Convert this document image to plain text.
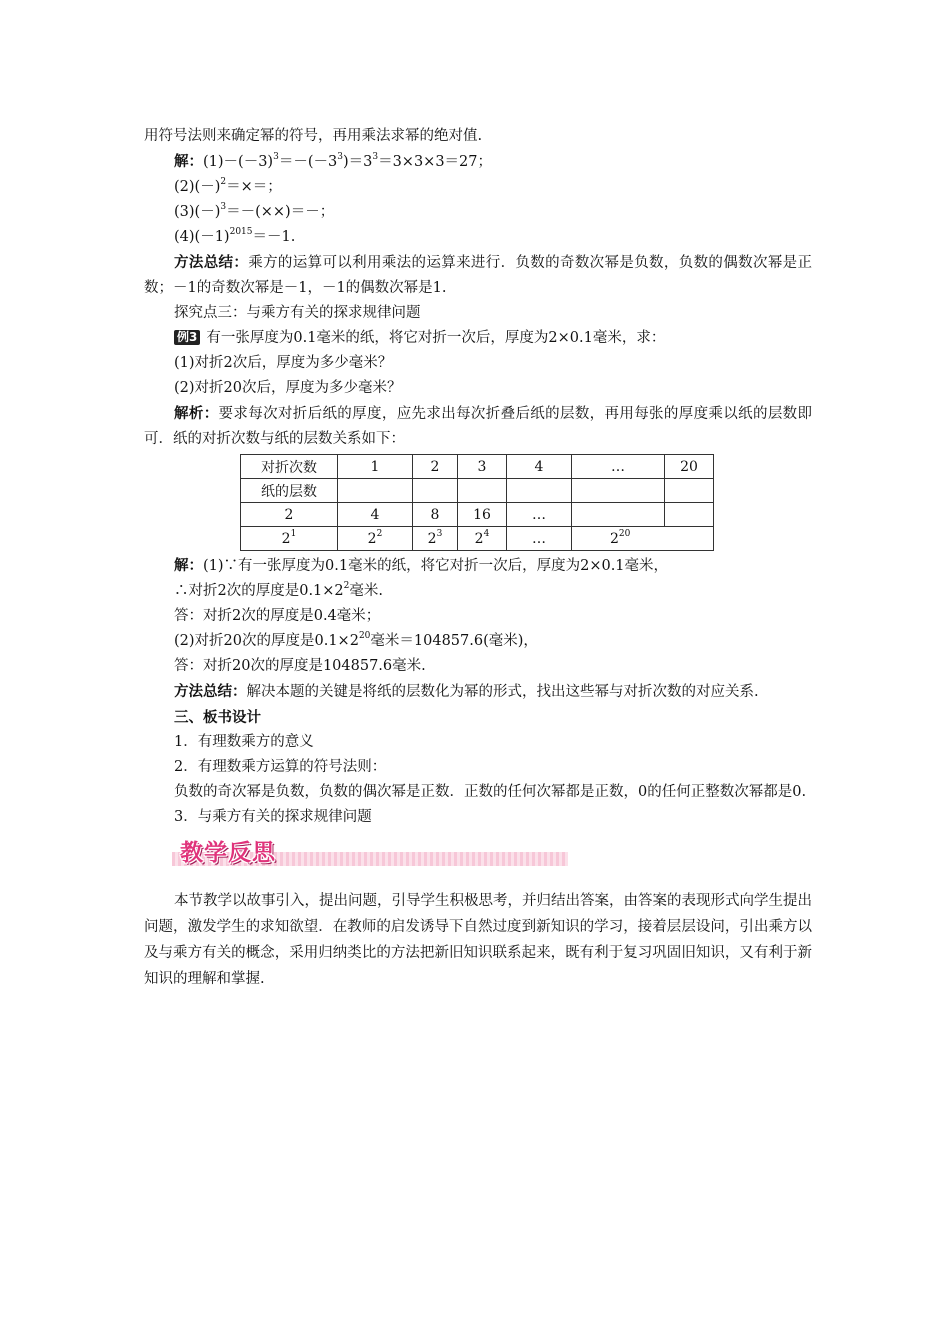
用符号法则来确定幂的符号，再用乘法求幂的绝对值.
解：$(1)-(-3)^3=-(-3^3)=3^3=3\times 3\times 3=27$；
$(2)(-)^2=\times=$；
$(3)(-)^3=-(\times\times)=-$；
$(4)(-1)^{2015}=-1$.
方法总结：乘方的运算可以利用乘法的运算来进行．负数的奇数次幂是负数，负数的偶数次幂是正数；－1的奇数次幂是－1，－1的偶数次幂是1.
探究点三：与乘方有关的探求规律问题
例3 有一张厚度为0.1毫米的纸，将它对折一次后，厚度为2×0.1毫米，求：
(1)对折2次后，厚度为多少毫米？
(2)对折20次后，厚度为多少毫米？
解析：要求每次对折后纸的厚度，应先求出每次折叠后纸的层数，再用每张的厚度乘以纸的层数即可．纸的对折次数与纸的层数关系如下：
对折次数	1	2	3	4	…	20
纸的层数						
2	4	8	16	…		
$2^1$	$2^2$	$2^3$	$2^4$	…	$2^{20}$
解：(1)∵有一张厚度为0.1毫米的纸，将它对折一次后，厚度为2×0.1毫米，
∴对折2次的厚度是$0.1\times 2^2$毫米.
答：对折2次的厚度是0.4毫米；
(2)对折20次的厚度是$0.1\times 2^{20}$毫米＝104857.6(毫米)，
答：对折20次的厚度是104857.6毫米.
方法总结：解决本题的关键是将纸的层数化为幂的形式，找出这些幂与对折次数的对应关系.
三、板书设计
1．有理数乘方的意义
2．有理数乘方运算的符号法则：
负数的奇次幂是负数，负数的偶次幂是正数．正数的任何次幂都是正数，0的任何正整数次幂都是0.
3．与乘方有关的探求规律问题
教学反思
本节教学以故事引入，提出问题，引导学生积极思考，并归结出答案，由答案的表现形式向学生提出问题，激发学生的求知欲望．在教师的启发诱导下自然过度到新知识的学习，接着层层设问，引出乘方以及与乘方有关的概念，采用归纳类比的方法把新旧知识联系起来，既有利于复习巩固旧知识，又有利于新知识的理解和掌握.
